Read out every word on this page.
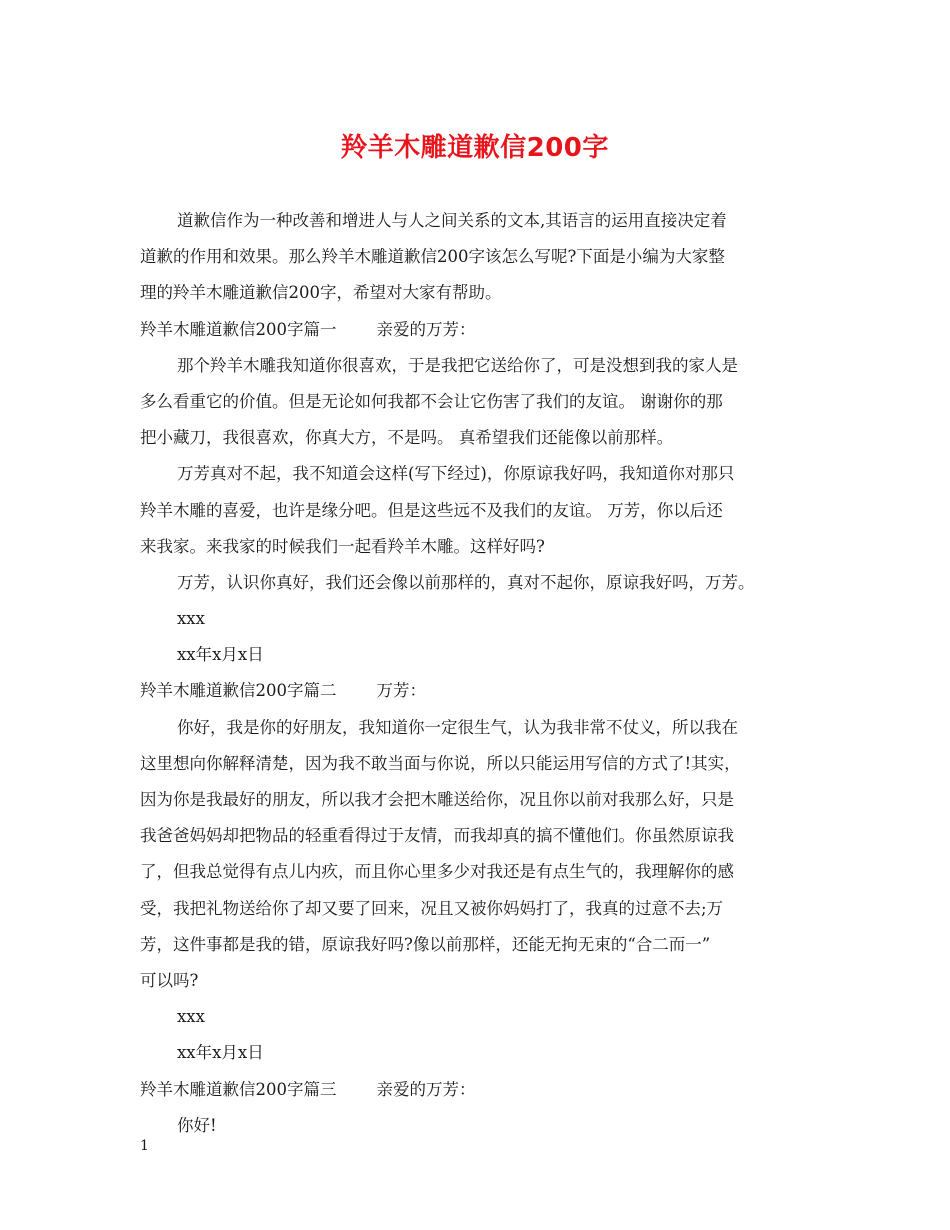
羚羊木雕道歉信200字
道歉信作为一种改善和增进人与人之间关系的文本,其语言的运用直接决定着
道歉的作用和效果。那么羚羊木雕道歉信200字该怎么写呢?下面是小编为大家整
理的羚羊木雕道歉信200字，希望对大家有帮助。
羚羊木雕道歉信200字篇一 亲爱的万芳：
那个羚羊木雕我知道你很喜欢，于是我把它送给你了，可是没想到我的家人是
多么看重它的价值。但是无论如何我都不会让它伤害了我们的友谊。 谢谢你的那
把小藏刀，我很喜欢，你真大方，不是吗。 真希望我们还能像以前那样。
万芳真对不起，我不知道会这样(写下经过)，你原谅我好吗，我知道你对那只
羚羊木雕的喜爱，也许是缘分吧。但是这些远不及我们的友谊。 万芳，你以后还
来我家。来我家的时候我们一起看羚羊木雕。这样好吗?
万芳，认识你真好，我们还会像以前那样的，真对不起你，原谅我好吗，万芳。
xxx
xx年x月x日
羚羊木雕道歉信200字篇二 万芳：
你好，我是你的好朋友，我知道你一定很生气，认为我非常不仗义，所以我在
这里想向你解释清楚，因为我不敢当面与你说，所以只能运用写信的方式了!其实，
因为你是我最好的朋友，所以我才会把木雕送给你，况且你以前对我那么好，只是
我爸爸妈妈却把物品的轻重看得过于友情，而我却真的搞不懂他们。你虽然原谅我
了，但我总觉得有点儿内疚，而且你心里多少对我还是有点生气的，我理解你的感
受，我把礼物送给你了却又要了回来，况且又被你妈妈打了，我真的过意不去;万
芳，这件事都是我的错，原谅我好吗?像以前那样，还能无拘无束的“合二而一”
可以吗?
xxx
xx年x月x日
羚羊木雕道歉信200字篇三 亲爱的万芳：
你好!
1
